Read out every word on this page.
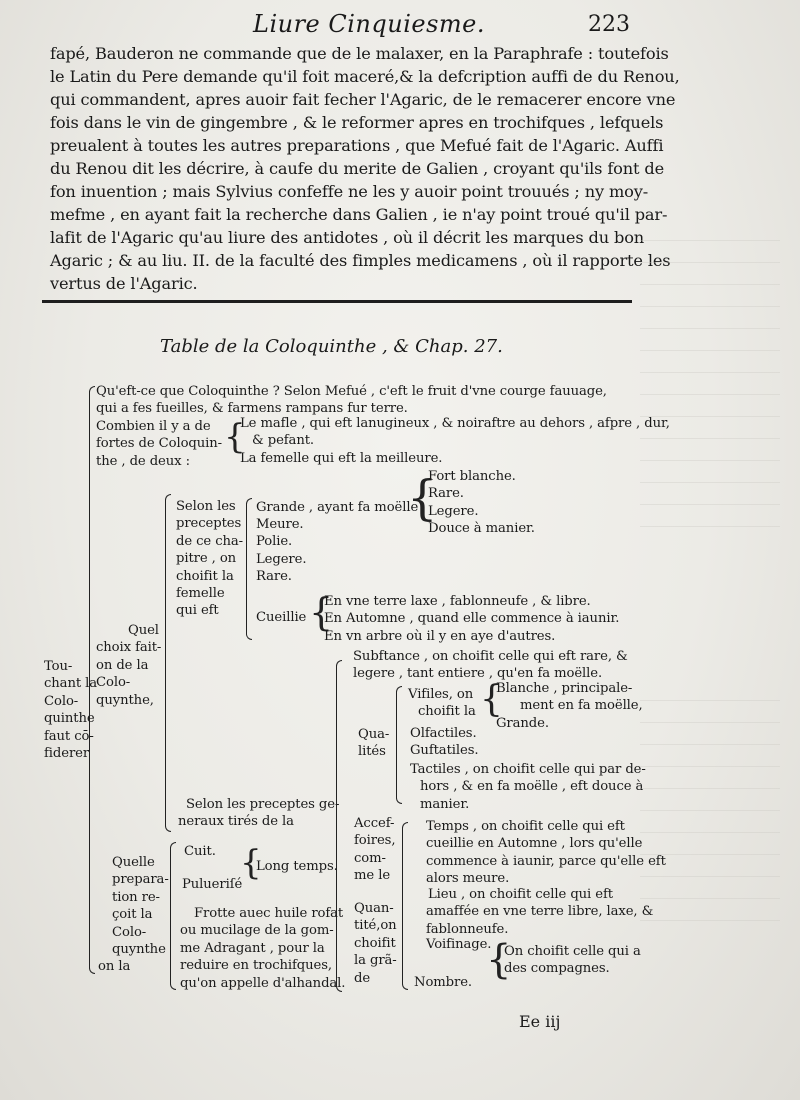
Liure Cinquiesme.	223
fapé, Bauderon ne commande que de le malaxer, en la Paraphrafe : toutefois
le Latin du Pere demande qu'il foit maceré,& la defcription auffi de du Renou,
qui commandent, apres auoir fait fecher l'Agaric, de le remacerer encore vne
fois dans le vin de gingembre , & le reformer apres en trochifques , lefquels
preualent à toutes les autres preparations , que Mefué fait de l'Agaric. Auffi
du Renou dit les décrire, à caufe du merite de Galien , croyant qu'ils font de
fon inuention ; mais Sylvius confeffe ne les y auoir point trouués ; ny moy-
mefme , en ayant fait la recherche dans Galien , ie n'ay point troué qu'il par-
lafit de l'Agaric qu'au liure des antidotes , où il décrit les marques du bon
Agaric ; & au liu. II. de la faculté des fimples medicamens , où il rapporte les
vertus de l'Agaric.
Table de la Coloquinthe , & Chap. 27.
Tou-
chant la
Colo-
quinthe
faut cō-
fiderer
Qu'eft-ce que Coloquinthe ? Selon Mefué , c'eft le fruit d'vne courge fauuage,
qui a fes fueilles, & farmens rampans fur terre.
Combien il y a de
fortes de Coloquin-
the , de deux :
{
Le mafle , qui eft lanugineux , & noiraftre au dehors , afpre , dur,
& pefant.
La femelle qui eft la meilleure.
Quel
choix fait-
on de la
Colo-
quynthe,
Selon les
preceptes
de ce cha-
pitre , on
choifit la
femelle
qui eft
Grande , ayant fa moëlle
{
Fort blanche.
Rare.
Legere.
Douce à manier.
Meure.
Polie.
Legere.
Rare.
Cueillie {
En vne terre laxe , fablonneufe , & libre.
En Automne , quand elle commence à iaunir.
En vn arbre où il y en aye d'autres.
Selon les preceptes ge-
neraux tirés de la
Subftance , on choifit celle qui eft rare, &
legere , tant entiere , qu'en fa moëlle.
Qua-
lités
Vifiles, on
choifit la {
Blanche , principale-
ment en fa moëlle,
Grande.
Olfactiles.
Guftatiles.
Tactiles , on choifit celle qui par de-
hors , & en fa moëlle , eft douce à
manier.
Accef-
foires,
com-
me le
Temps , on choifit celle qui eft
cueillie en Automne , lors qu'elle
commence à iaunir, parce qu'elle eft
alors meure.
Lieu , on choifit celle qui eft
amaffée en vne terre libre, laxe, &
fablonneufe.
Quan-
tité,on
choifit
la grã-
de
Voifinage.
Nombre. {
On choifit celle qui a
des compagnes.
Quelle
prepara-
tion re-
çoit la
Colo-
quynthe
on la
Cuit.
Pulueriſé
{
Long temps.
Frotte auec huile rofat
ou mucilage de la gom-
me Adragant , pour la
reduire en trochifques,
qu'on appelle d'alhandal.
Ee iij
